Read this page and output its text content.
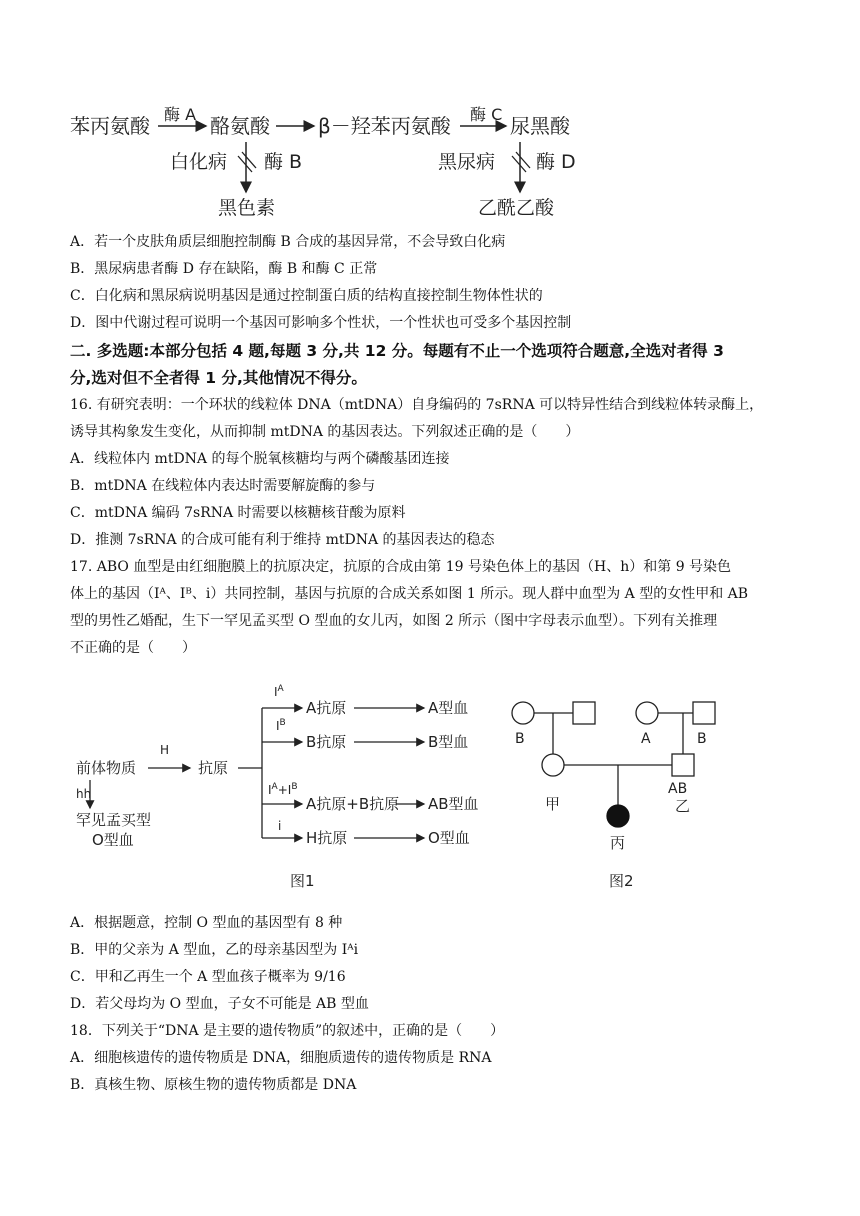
苯丙氨酸 酶 A 酪氨酸 β－羟苯丙氨酸 酶 C 尿黑酸
白化病 酶 B
黑色素
黑尿病 酶 D
乙酰乙酸
A．若一个皮肤角质层细胞控制酶 B 合成的基因异常，不会导致白化病
B．黑尿病患者酶 D 存在缺陷，酶 B 和酶 C 正常
C．白化病和黑尿病说明基因是通过控制蛋白质的结构直接控制生物体性状的
D．图中代谢过程可说明一个基因可影响多个性状，一个性状也可受多个基因控制
二. 多选题:本部分包括 4 题,每题 3 分,共 12 分。每题有不止一个选项符合题意,全选对者得 3
分,选对但不全者得 1 分,其他情况不得分。
16. 有研究表明：一个环状的线粒体 DNA（mtDNA）自身编码的 7sRNA 可以特异性结合到线粒体转录酶上，
诱导其构象发生变化，从而抑制 mtDNA 的基因表达。下列叙述正确的是（　　）
A．线粒体内 mtDNA 的每个脱氧核糖均与两个磷酸基团连接
B．mtDNA 在线粒体内表达时需要解旋酶的参与
C．mtDNA 编码 7sRNA 时需要以核糖核苷酸为原料
D．推测 7sRNA 的合成可能有利于维持 mtDNA 的基因表达的稳态
17. ABO 血型是由红细胞膜上的抗原决定，抗原的合成由第 19 号染色体上的基因（H、h）和第 9 号染色
体上的基因（Iᴬ、Iᴮ、i）共同控制，基因与抗原的合成关系如图 1 所示。现人群中血型为 A 型的女性甲和 AB
型的男性乙婚配，生下一罕见孟买型 O 型血的女儿丙，如图 2 所示（图中字母表示血型）。下列有关推理
不正确的是（　　）
前体物质
H
抗原
hh
罕见孟买型
O型血
$I^A$
A抗原	A型血
$I^B$
B抗原	B型血
$I^A+I^B$
A抗原+B抗原 AB型血
i
H抗原	O型血
图1
B	A	B
AB
甲	乙
丙
图2
A．根据题意，控制 O 型血的基因型有 8 种
B．甲的父亲为 A 型血，乙的母亲基因型为 Iᴬi
C．甲和乙再生一个 A 型血孩子概率为 9/16
D．若父母均为 O 型血，子女不可能是 AB 型血
18．下列关于“DNA 是主要的遗传物质”的叙述中，正确的是（　　）
A．细胞核遗传的遗传物质是 DNA，细胞质遗传的遗传物质是 RNA
B．真核生物、原核生物的遗传物质都是 DNA
